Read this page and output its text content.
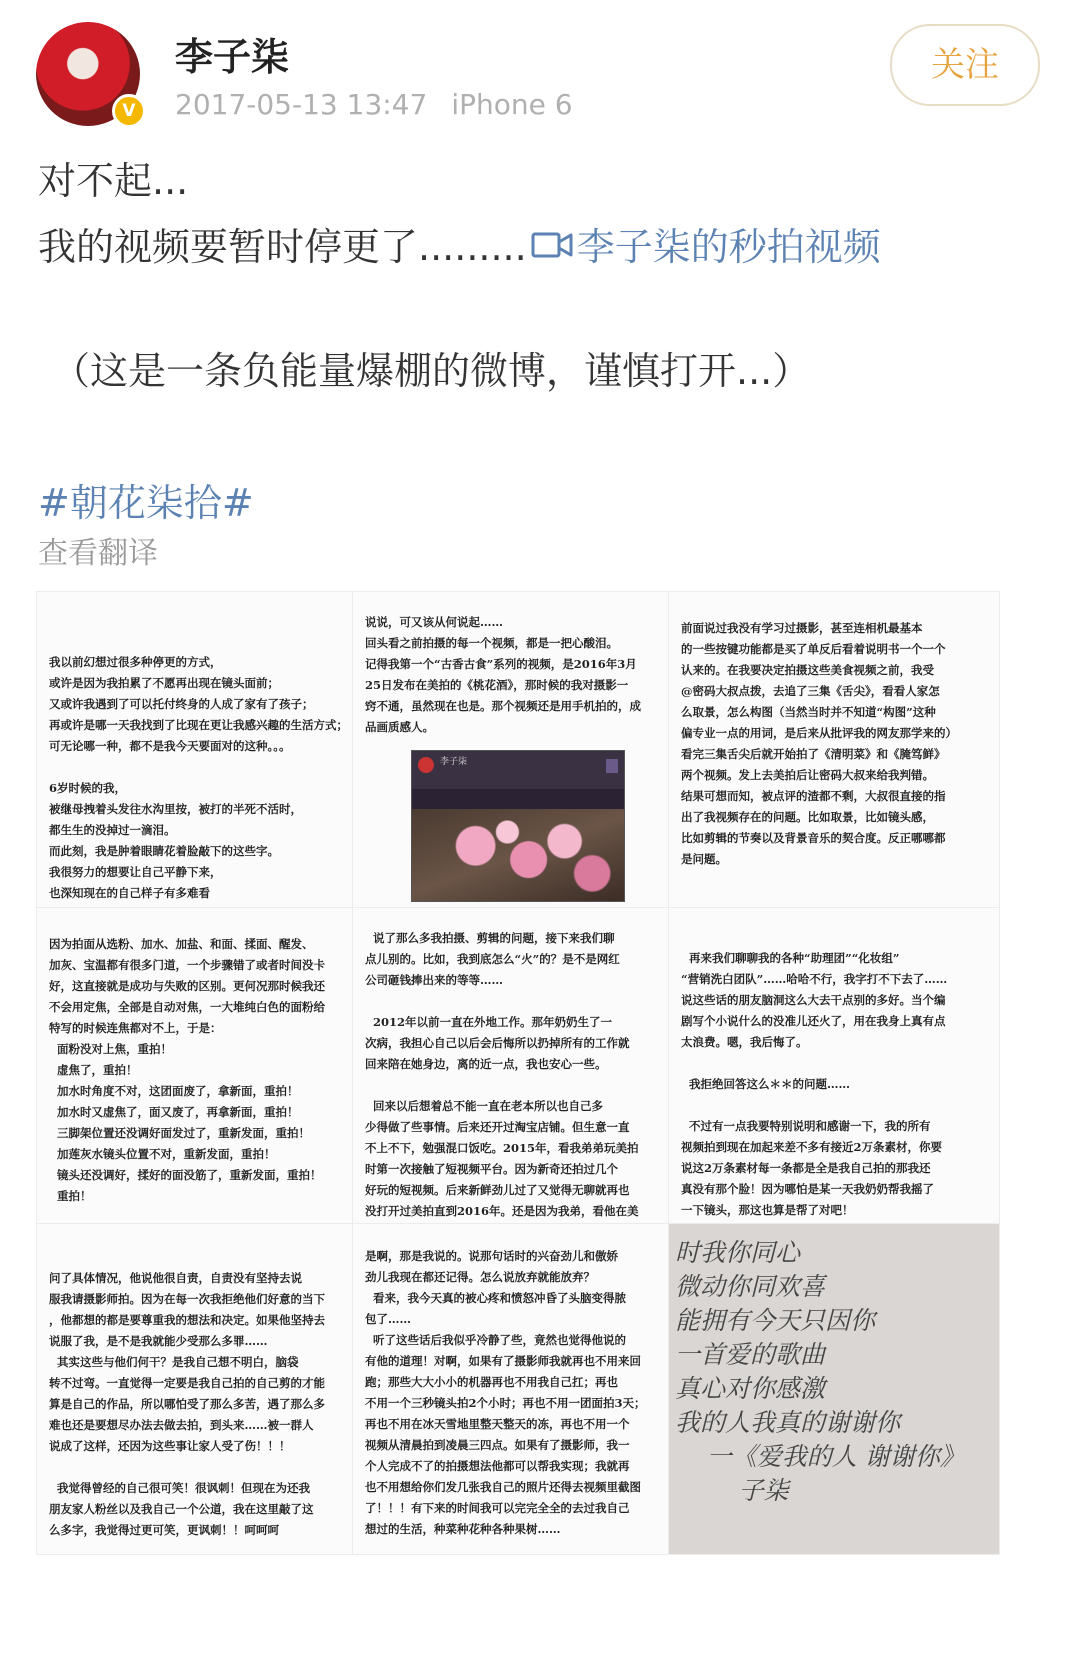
V
李子柒
2017-05-13 13:47 iPhone 6
关注
对不起...
我的视频要暂时停更了......... 李子柒的秒拍视频
（这是一条负能量爆棚的微博，谨慎打开...）
#朝花柒拾#
查看翻译
我以前幻想过很多种停更的方式，
或许是因为我拍累了不愿再出现在镜头面前；
又或许我遇到了可以托付终身的人成了家有了孩子；
再或许是哪一天我找到了比现在更让我感兴趣的生活方式；
可无论哪一种，都不是我今天要面对的这种。。。

6岁时候的我，
被继母拽着头发往水沟里按，被打的半死不活时，
都生生的没掉过一滴泪。
而此刻，我是肿着眼睛花着脸敲下的这些字。
我很努力的想要让自己平静下来，
也深知现在的自己样子有多难看
说说，可又该从何说起……
回头看之前拍摄的每一个视频，都是一把心酸泪。
记得我第一个“古香古食”系列的视频，是2016年3月
25日发布在美拍的《桃花酒》，那时候的我对摄影一
窍不通，虽然现在也是。那个视频还是用手机拍的，成
品画质感人。
李子柒
前面说过我没有学习过摄影，甚至连相机最基本
的一些按键功能都是买了单反后看着说明书一个一个
认来的。在我要决定拍摄这些美食视频之前，我受
@密码大叔点拨，去追了三集《舌尖》，看看人家怎
么取景，怎么构图（当然当时并不知道“构图”这种
偏专业一点的用词，是后来从批评我的网友那学来的）
看完三集舌尖后就开始拍了《清明菜》和《腌笃鲜》
两个视频。发上去美拍后让密码大叔来给我判错。
结果可想而知，被点评的渣都不剩，大叔很直接的指
出了我视频存在的问题。比如取景，比如镜头感，
比如剪辑的节奏以及背景音乐的契合度。反正哪哪都
是问题。
因为拍面从选粉、加水、加盐、和面、揉面、醒发、
加灰、宝温都有很多门道，一个步骤错了或者时间没卡
好，这直接就是成功与失败的区别。更何况那时候我还
不会用定焦，全部是自动对焦，一大堆纯白色的面粉给
特写的时候连焦都对不上，于是：
面粉没对上焦，重拍！
虚焦了，重拍！
加水时角度不对，这团面废了，拿新面，重拍！
加水时又虚焦了，面又废了，再拿新面，重拍！
三脚架位置还没调好面发过了，重新发面，重拍！
加莲灰水镜头位置不对，重新发面，重拍！
镜头还没调好，揉好的面没筋了，重新发面，重拍！
重拍！
说了那么多我拍摄、剪辑的问题，接下来我们聊
点儿别的。比如，我到底怎么“火”的？是不是网红
公司砸钱捧出来的等等……

2012年以前一直在外地工作。那年奶奶生了一
次病，我担心自己以后会后悔所以扔掉所有的工作就
回来陪在她身边，离的近一点，我也安心一些。

回来以后想着总不能一直在老本所以也自己多
少得做了些事情。后来还开过淘宝店铺。但生意一直
不上不下，勉强混口饭吃。2015年，看我弟弟玩美拍
时第一次接触了短视频平台。因为新奇还拍过几个
好玩的短视频。后来新鲜劲儿过了又觉得无聊就再也
没打开过美拍直到2016年。还是因为我弟，看他在美
再来我们聊聊我的各种“助理团”“化妆组”
“营销洗白团队”……哈哈不行，我字打不下去了……
说这些话的朋友脑洞这么大去干点别的多好。当个编
剧写个小说什么的没准儿还火了，用在我身上真有点
太浪费。嗯，我后悔了。

我拒绝回答这么＊＊的问题……

不过有一点我要特别说明和感谢一下，我的所有
视频拍到现在加起来差不多有接近2万条素材，你要
说这2万条素材每一条都是全是我自己拍的那我还
真没有那个脸！因为哪怕是某一天我奶奶帮我摇了
一下镜头，那这也算是帮了对吧！
问了具体情况，他说他很自责，自责没有坚持去说
服我请摄影师拍。因为在每一次我拒绝他们好意的当下
，他都想的都是要尊重我的想法和决定。如果他坚持去
说服了我，是不是我就能少受那么多罪……
其实这些与他们何干？是我自己想不明白，脑袋
转不过弯。一直觉得一定要是我自己拍的自己剪的才能
算是自己的作品，所以哪怕受了那么多苦，遇了那么多
难也还是要想尽办法去做去拍，到头来……被一群人
说成了这样，还因为这些事让家人受了伤！！！

我觉得曾经的自己很可笑！很讽刺！但现在为还我
朋友家人粉丝以及我自己一个公道，我在这里敲了这
么多字，我觉得过更可笑，更讽刺！！呵呵呵
是啊，那是我说的。说那句话时的兴奋劲儿和傲娇
劲儿我现在都还记得。怎么说放弃就能放弃？
看来，我今天真的被心疼和愤怒冲昏了头脑变得脓
包了……
听了这些话后我似乎冷静了些，竟然也觉得他说的
有他的道理！对啊，如果有了摄影师我就再也不用来回
跑；那些大大小小的机器再也不用我自己扛；再也
不用一个三秒镜头拍2个小时；再也不用一团面拍3天；
再也不用在冰天雪地里整天整天的冻，再也不用一个
视频从清晨拍到凌晨三四点。如果有了摄影师，我一
个人完成不了的拍摄想法他都可以帮我实现；我就再
也不用想给你们发几张我自己的照片还得去视频里截图
了！！！有下来的时间我可以完完全全的去过我自己
想过的生活，种菜种花种各种果树……
时我你同心
微动你同欢喜
能拥有今天只因你
一首爱的歌曲
真心对你感激
我的人我真的谢谢你
一《爱我的人 谢谢你》
子柒
